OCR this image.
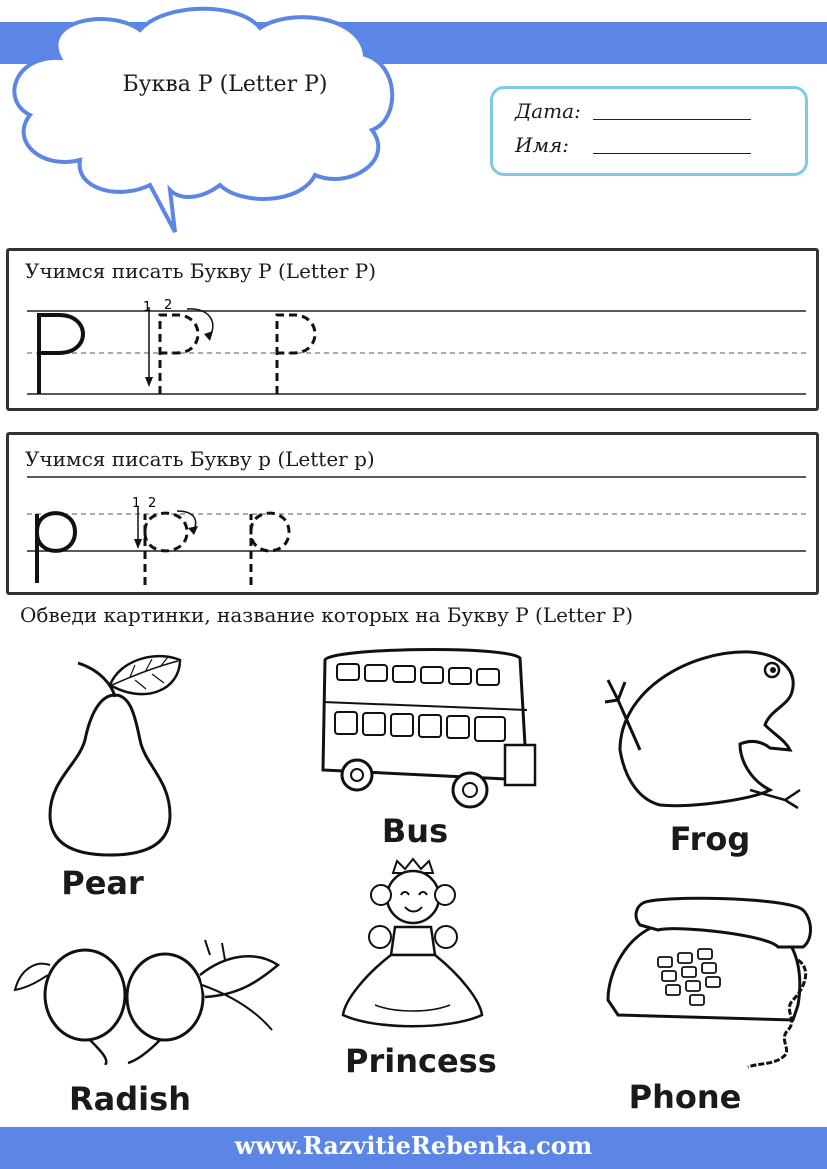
Буква Р (Letter P)
Дата:
Имя:
Учимся писать Букву Р (Letter P)
1 2
Учимся писать Букву р (Letter p)
1 2
Обведи картинки, название которых на Букву Р (Letter P)
Pear
Bus	Frog
Radish
Princess
Phone
www.RazvitieRebenka.com
